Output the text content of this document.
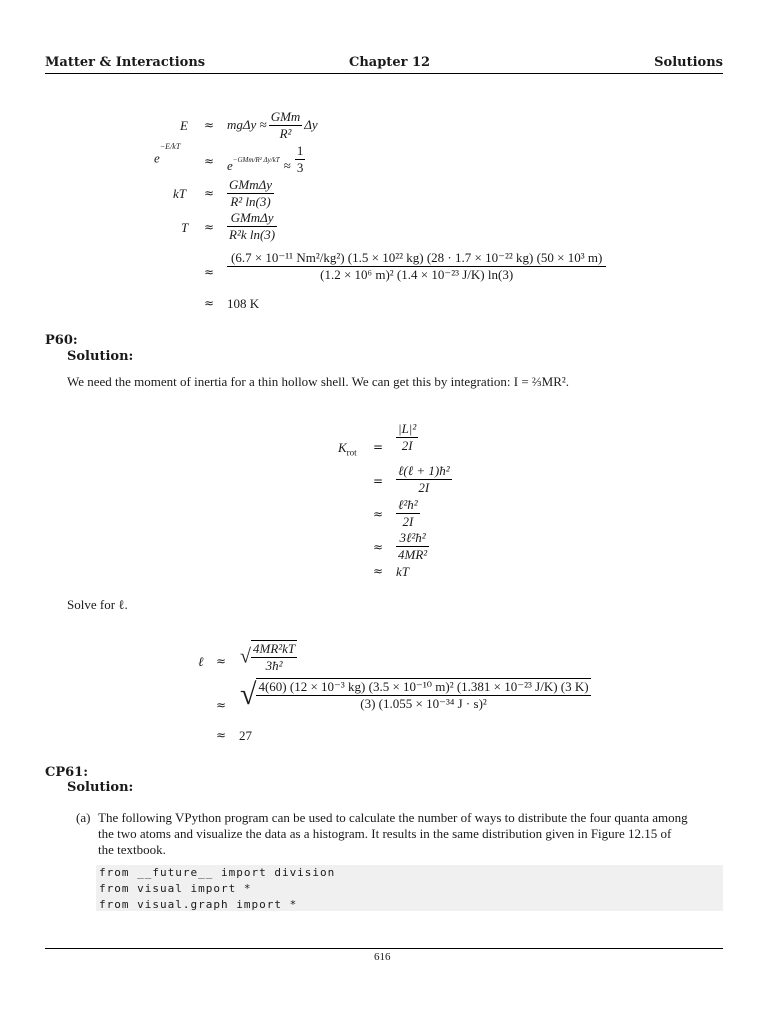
Matter & Interactions	Chapter 12	Solutions
$E \approx mg\Delta y \approx \frac{\text{GMm}}{\text{R²}}$ Δy
$e^{-E/kT}$
≈ $e^{-GMm/R^2 \Delta y/kT} \approx \frac{1}{3}$
kT ≈ $\frac{\text{GMmΔy}}{\text{R² ln(3)}}$
$T \approx \frac{\text{GMmΔy}}{\text{R²k ln(3)}}$
≈
(6.7 × 10⁻¹¹ Nm²/kg²) (1.5 × 10²² kg) (28 · 1.7 × 10⁻²² kg) (50 × 10³ m)
(1.2 × 10⁶ m)² (1.4 × 10⁻²³ J/K) ln(3)
≈ 108 K
P60:
Solution:
We need the moment of inertia for a thin hollow shell. We can get this by integration: I = ⅔MR².
$K_{rot} = \frac{\text{|L|²}}{2I}$
= $\frac{\text{ℓ(ℓ + 1)ħ²}}{2I}$
≈ $\frac{\text{ℓ²ħ²}}{2I}$
≈ $\frac{\text{3ℓ²ħ²}}{\text{4MR²}}$
≈ kT
Solve for ℓ.
ℓ ≈ √ $\frac{\text{4MR²kT}}{\text{3ħ²}}$
≈ √ 4(60) (12 × 10⁻³ kg) (3.5 × 10⁻¹⁰ m)² (1.381 × 10⁻²³ J/K) (3 K)
(3) (1.055 × 10⁻³⁴ J · s)²
≈ 27
CP61:
Solution:
(a) The following VPython program can be used to calculate the number of ways to distribute the four quanta among
the two atoms and visualize the data as a histogram. It results in the same distribution given in Figure 12.15 of
the textbook.
from __future__ import division
from visual import *
from visual.graph import *
616
